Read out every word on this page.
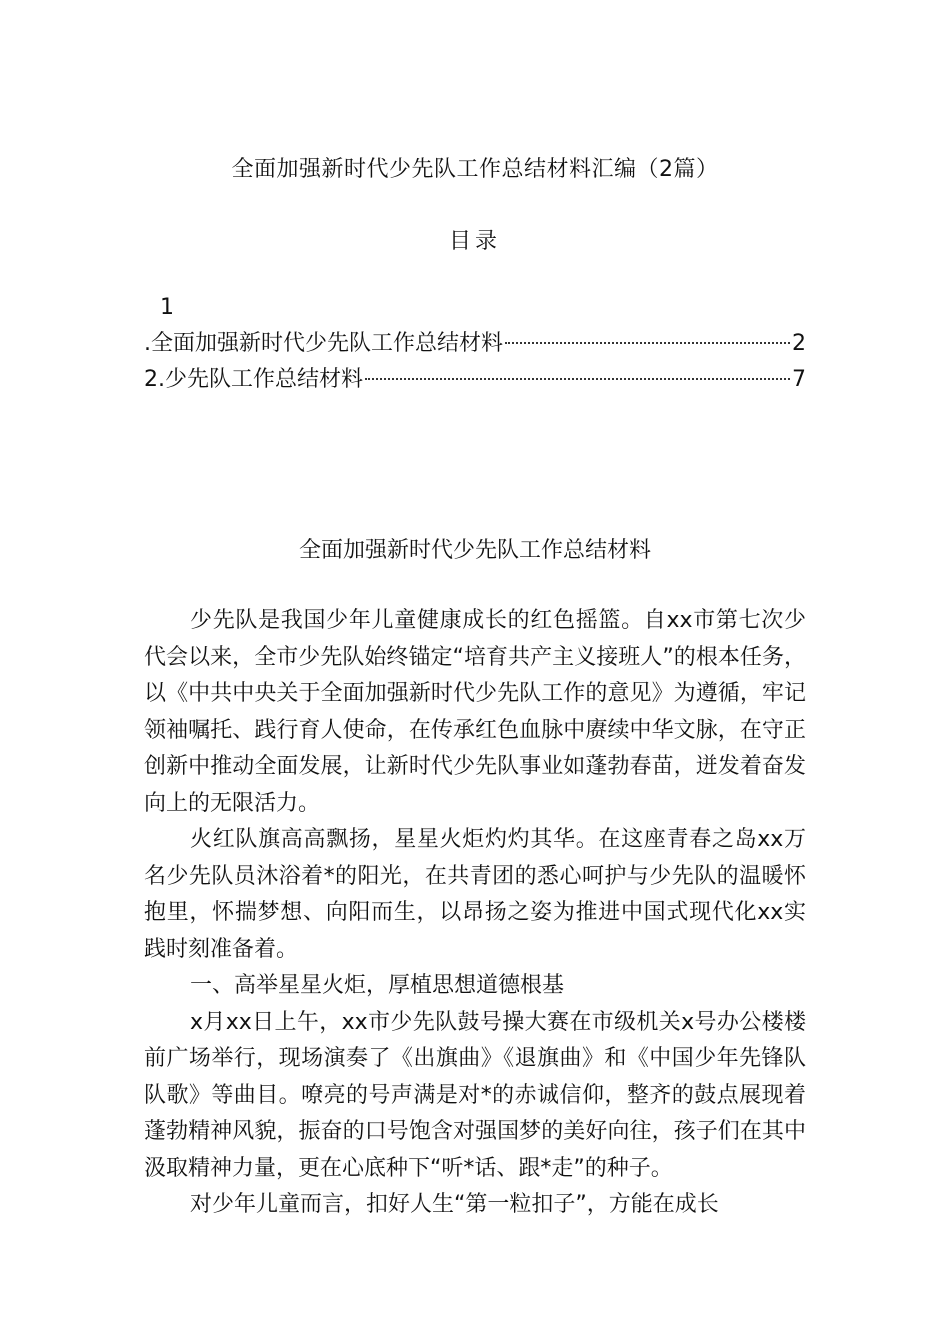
全面加强新时代少先队工作总结材料汇编（2篇）
目录
1
.全面加强新时代少先队工作总结材料	2
2.少先队工作总结材料	7
全面加强新时代少先队工作总结材料

少先队是我国少年儿童健康成长的红色摇篮。自xx市第七次少代会以来，全市少先队始终锚定“培育共产主义接班人”的根本任务，以《中共中央关于全面加强新时代少先队工作的意见》为遵循，牢记领袖嘱托、践行育人使命，在传承红色血脉中赓续中华文脉，在守正创新中推动全面发展，让新时代少先队事业如蓬勃春苗，迸发着奋发向上的无限活力。

火红队旗高高飘扬，星星火炬灼灼其华。在这座青春之岛xx万名少先队员沐浴着*的阳光，在共青团的悉心呵护与少先队的温暖怀抱里，怀揣梦想、向阳而生，以昂扬之姿为推进中国式现代化xx实践时刻准备着。

一、高举星星火炬，厚植思想道德根基

x月xx日上午，xx市少先队鼓号操大赛在市级机关x号办公楼楼前广场举行，现场演奏了《出旗曲》《退旗曲》和《中国少年先锋队队歌》等曲目。嘹亮的号声满是对*的赤诚信仰，整齐的鼓点展现着蓬勃精神风貌，振奋的口号饱含对强国梦的美好向往，孩子们在其中汲取精神力量，更在心底种下“听*话、跟*走”的种子。

对少年儿童而言，扣好人生“第一粒扣子”，方能在成长
